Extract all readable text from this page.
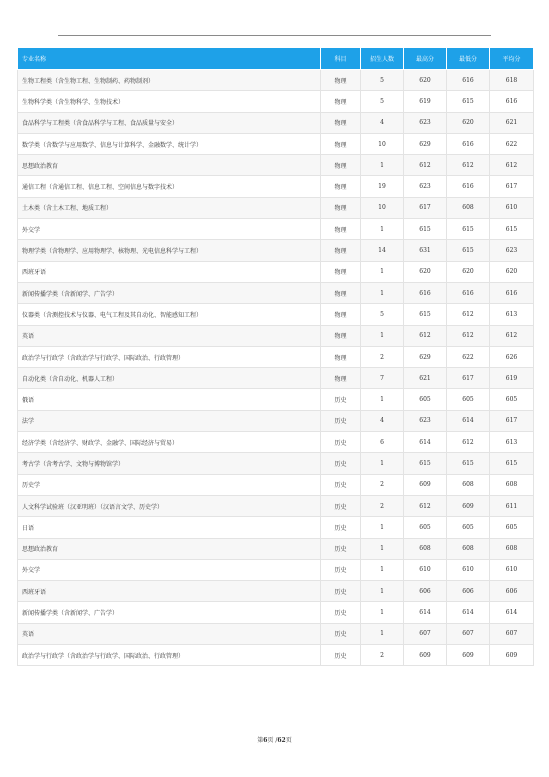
专业名称	科目	招生人数	最高分	最低分	平均分
生物工程类（含生物工程、生物制药、药物制剂）	物理	5	620	616	618
生物科学类（含生物科学、生物技术）	物理	5	619	615	616
食品科学与工程类（含食品科学与工程、食品质量与安全）	物理	4	623	620	621
数学类（含数学与应用数学、信息与计算科学、金融数学、统计学）	物理	10	629	616	622
思想政治教育	物理	1	612	612	612
通信工程（含通信工程、信息工程、空间信息与数字技术）	物理	19	623	616	617
土木类（含土木工程、地质工程）	物理	10	617	608	610
外交学	物理	1	615	615	615
物理学类（含物理学、应用物理学、核物理、光电信息科学与工程）	物理	14	631	615	623
西班牙语	物理	1	620	620	620
新闻传播学类（含新闻学、广告学）	物理	1	616	616	616
仪器类（含测控技术与仪器、电气工程及其自动化、智能感知工程）	物理	5	615	612	613
英语	物理	1	612	612	612
政治学与行政学（含政治学与行政学、国际政治、行政管理）	物理	2	629	622	626
自动化类（含自动化、机器人工程）	物理	7	621	617	619
俄语	历史	1	605	605	605
法学	历史	4	623	614	617
经济学类（含经济学、财政学、金融学、国际经济与贸易）	历史	6	614	612	613
考古学（含考古学、文物与博物馆学）	历史	1	615	615	615
历史学	历史	2	609	608	608
人文科学试验班（汉亚明班）（汉语言文学、历史学）	历史	2	612	609	611
日语	历史	1	605	605	605
思想政治教育	历史	1	608	608	608
外交学	历史	1	610	610	610
西班牙语	历史	1	606	606	606
新闻传播学类（含新闻学、广告学）	历史	1	614	614	614
英语	历史	1	607	607	607
政治学与行政学（含政治学与行政学、国际政治、行政管理）	历史	2	609	609	609
第6页 /62页
